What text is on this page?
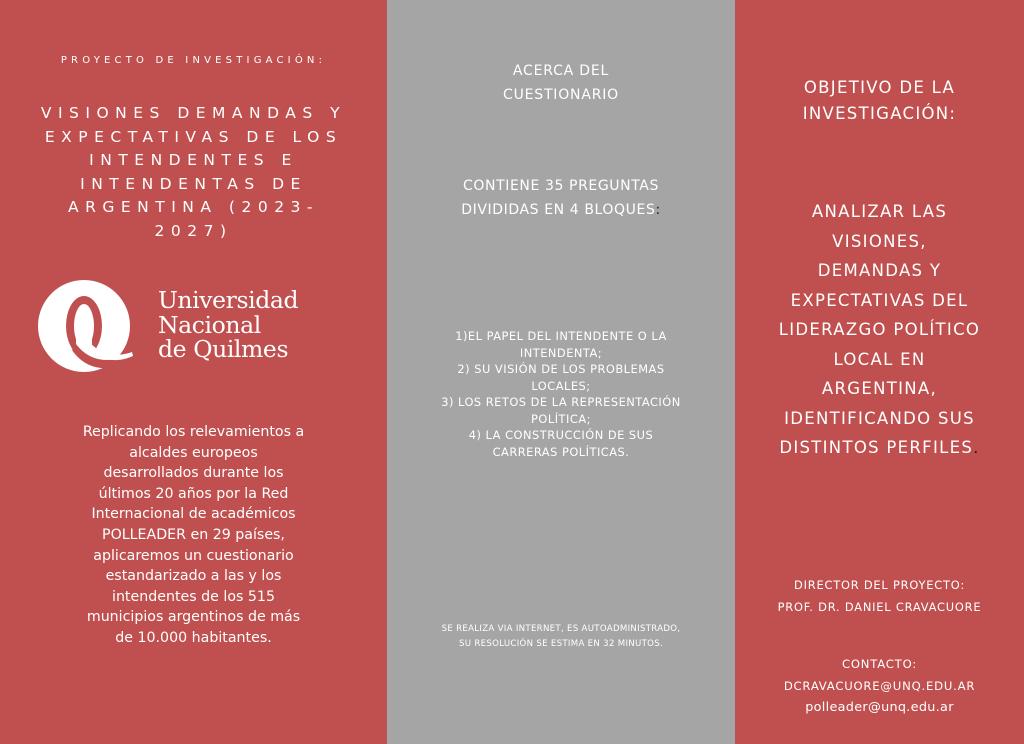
PROYECTO DE INVESTIGACIÓN:
VISIONES DEMANDAS Y
EXPECTATIVAS DE LOS
INTENDENTES E
INTENDENTAS DE
ARGENTINA (2023-
2027)
Universidad
Nacional
de Quilmes
Replicando los relevamientos a
alcaldes europeos
desarrollados durante los
últimos 20 años por la Red
Internacional de académicos
POLLEADER en 29 países,
aplicaremos un cuestionario
estandarizado a las y los
intendentes de los 515
municipios argentinos de más
de 10.000 habitantes.
ACERCA DEL
CUESTIONARIO
CONTIENE 35 PREGUNTAS
DIVIDIDAS EN 4 BLOQUES:
1)EL PAPEL DEL INTENDENTE O LA
INTENDENTA;
2) SU VISIÓN DE LOS PROBLEMAS
LOCALES;
3) LOS RETOS DE LA REPRESENTACIÓN
POLÍTICA;
4) LA CONSTRUCCIÓN DE SUS
CARRERAS POLÍTICAS.
SE REALIZA VIA INTERNET, ES AUTOADMINISTRADO,
SU RESOLUCIÓN SE ESTIMA EN 32 MINUTOS.
OBJETIVO DE LA
INVESTIGACIÓN:
ANALIZAR LAS
VISIONES,
DEMANDAS Y
EXPECTATIVAS DEL
LIDERAZGO POLÍTICO
LOCAL EN
ARGENTINA,
IDENTIFICANDO SUS
DISTINTOS PERFILES.
DIRECTOR DEL PROYECTO:
PROF. DR. DANIEL CRAVACUORE
CONTACTO:
DCRAVACUORE@UNQ.EDU.AR
polleader@unq.edu.ar
